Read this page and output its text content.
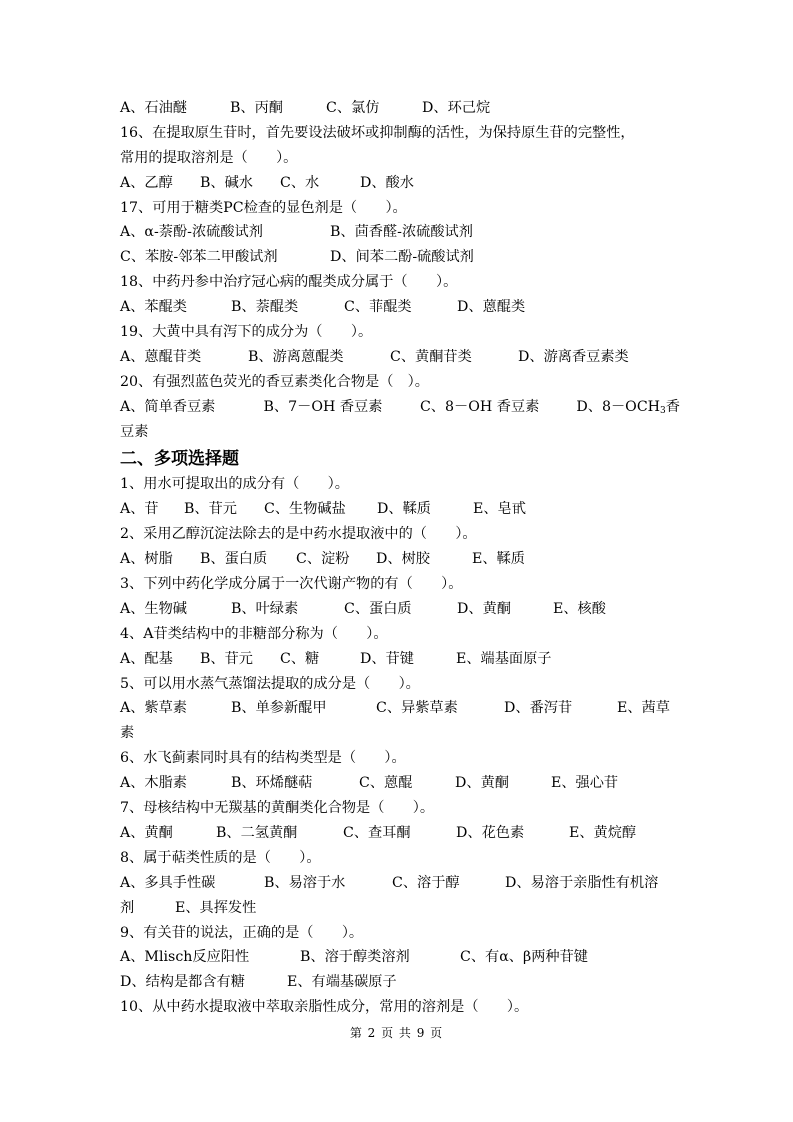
A、石油醚	B、丙酮	C、氯仿	D、环己烷
16、在提取原生苷时，首先要设法破坏或抑制酶的活性，为保持原生苷的完整性，
常用的提取溶剂是（　　）。
A、乙醇	B、碱水	C、水	D、酸水
17、可用于糖类PC检查的显色剂是（　　）。
A、α-萘酚-浓硫酸试剂	B、茴香醛-浓硫酸试剂
C、苯胺-邻苯二甲酸试剂	D、间苯二酚-硫酸试剂
18、中药丹参中治疗冠心病的醌类成分属于（　　）。
A、苯醌类	B、萘醌类	C、菲醌类	D、蒽醌类
19、大黄中具有泻下的成分为（　　）。
A、蒽醌苷类	B、游离蒽醌类	C、黄酮苷类	D、游离香豆素类
20、有强烈蓝色荧光的香豆素类化合物是（　）。
A、简单香豆素	B、7－OH 香豆素	C、8－OH 香豆素	D、$8-OCH_3$香
豆素
二、多项选择题
1、用水可提取出的成分有（　　）。
A、苷	B、苷元	C、生物碱盐	D、鞣质	E、皂甙
2、采用乙醇沉淀法除去的是中药水提取液中的（　　）。
A、树脂	B、蛋白质	C、淀粉	D、树胶	E、鞣质
3、下列中药化学成分属于一次代谢产物的有（　　）。
A、生物碱	B、叶绿素	C、蛋白质	D、黄酮	E、核酸
4、A苷类结构中的非糖部分称为（　　）。
A、配基	B、苷元	C、糖	D、苷键	E、端基面原子
5、可以用水蒸气蒸馏法提取的成分是（　　）。
A、紫草素	B、单参新醌甲	C、异紫草素	D、番泻苷	E、茜草
素
6、水飞蓟素同时具有的结构类型是（　　）。
A、木脂素	B、环烯醚萜	C、蒽醌	D、黄酮	E、强心苷
7、母核结构中无羰基的黄酮类化合物是（　　）。
A、黄酮	B、二氢黄酮	C、查耳酮	D、花色素	E、黄烷醇
8、属于萜类性质的是（　　）。
A、多具手性碳	B、易溶于水	C、溶于醇	D、易溶于亲脂性有机溶
剂	E、具挥发性
9、有关苷的说法，正确的是（　　）。
A、Mlisch反应阳性	B、溶于醇类溶剂	C、有α、β两种苷键
D、结构是都含有糖	E、有端基碳原子
10、从中药水提取液中萃取亲脂性成分，常用的溶剂是（　　）。
第 2 页 共 9 页
